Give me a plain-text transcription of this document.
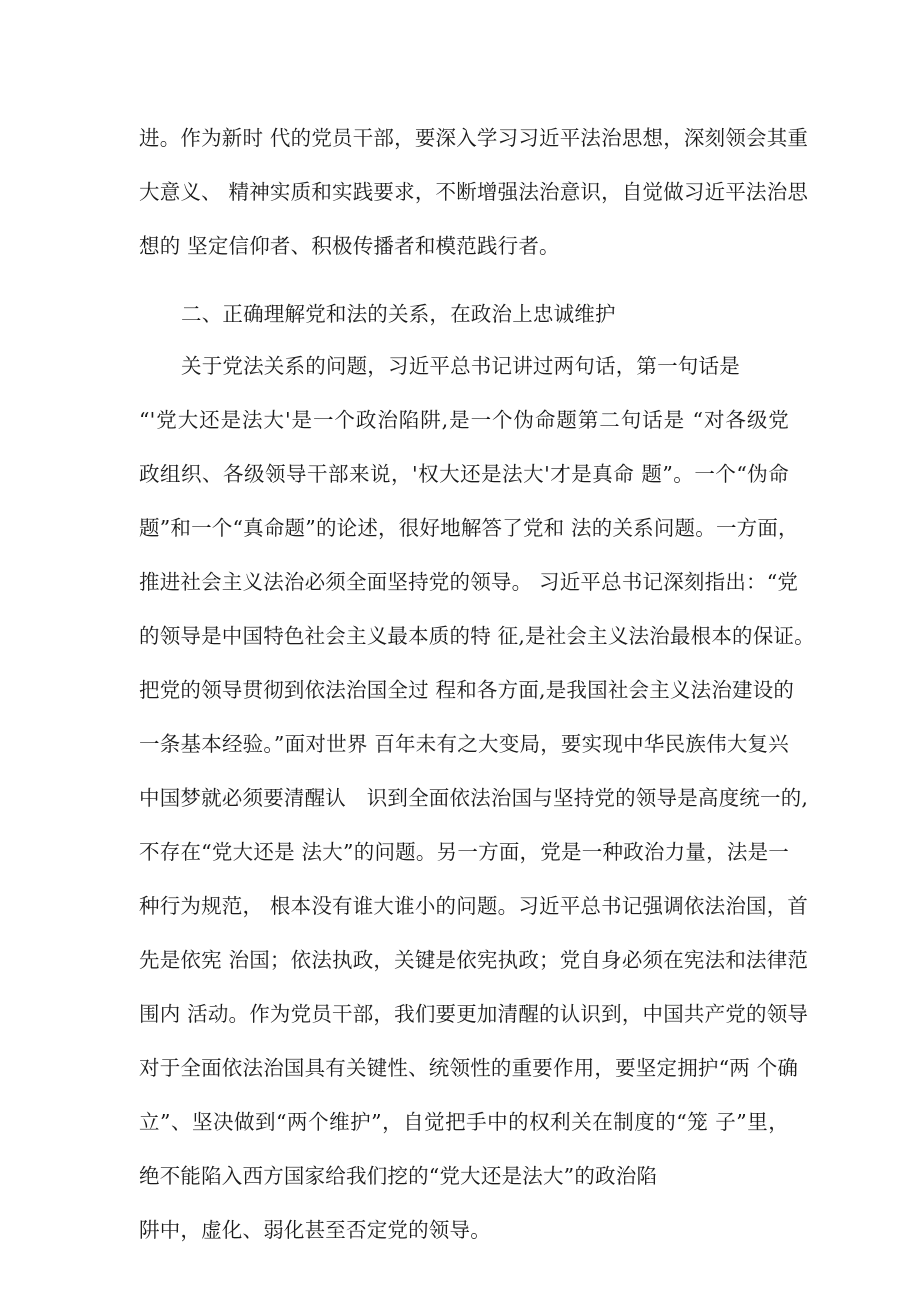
进。作为新时 代的党员干部，要深入学习习近平法治思想，深刻领会其重
大意义、 精神实质和实践要求，不断增强法治意识，自觉做习近平法治思
想的 坚定信仰者、积极传播者和模范践行者。
二、正确理解党和法的关系，在政治上忠诚维护
关于党法关系的问题，习近平总书记讲过两句话，第一句话是
“'党大还是法大'是一个政治陷阱,是一个伪命题第二句话是 “对各级党
政组织、各级领导干部来说，'权大还是法大'才是真命 题”。一个“伪命
题”和一个“真命题”的论述，很好地解答了党和 法的关系问题。一方面，
推进社会主义法治必须全面坚持党的领导。 习近平总书记深刻指出：“党
的领导是中国特色社会主义最本质的特 征,是社会主义法治最根本的保证。
把党的领导贯彻到依法治国全过 程和各方面,是我国社会主义法治建设的
一条基本经验。”面对世界 百年未有之大变局，要实现中华民族伟大复兴
中国梦就必须要清醒认　识到全面依法治国与坚持党的领导是高度统一的,
不存在“党大还是 法大”的问题。另一方面，党是一种政治力量，法是一
种行为规范， 根本没有谁大谁小的问题。习近平总书记强调依法治国，首
先是依宪 治国；依法执政，关键是依宪执政；党自身必须在宪法和法律范
围内 活动。作为党员干部，我们要更加清醒的认识到，中国共产党的领导
对于全面依法治国具有关键性、统领性的重要作用，要坚定拥护“两 个确
立”、坚决做到“两个维护”，自觉把手中的权利关在制度的“笼 子”里，
绝不能陷入西方国家给我们挖的“党大还是法大”的政治陷
阱中，虚化、弱化甚至否定党的领导。
